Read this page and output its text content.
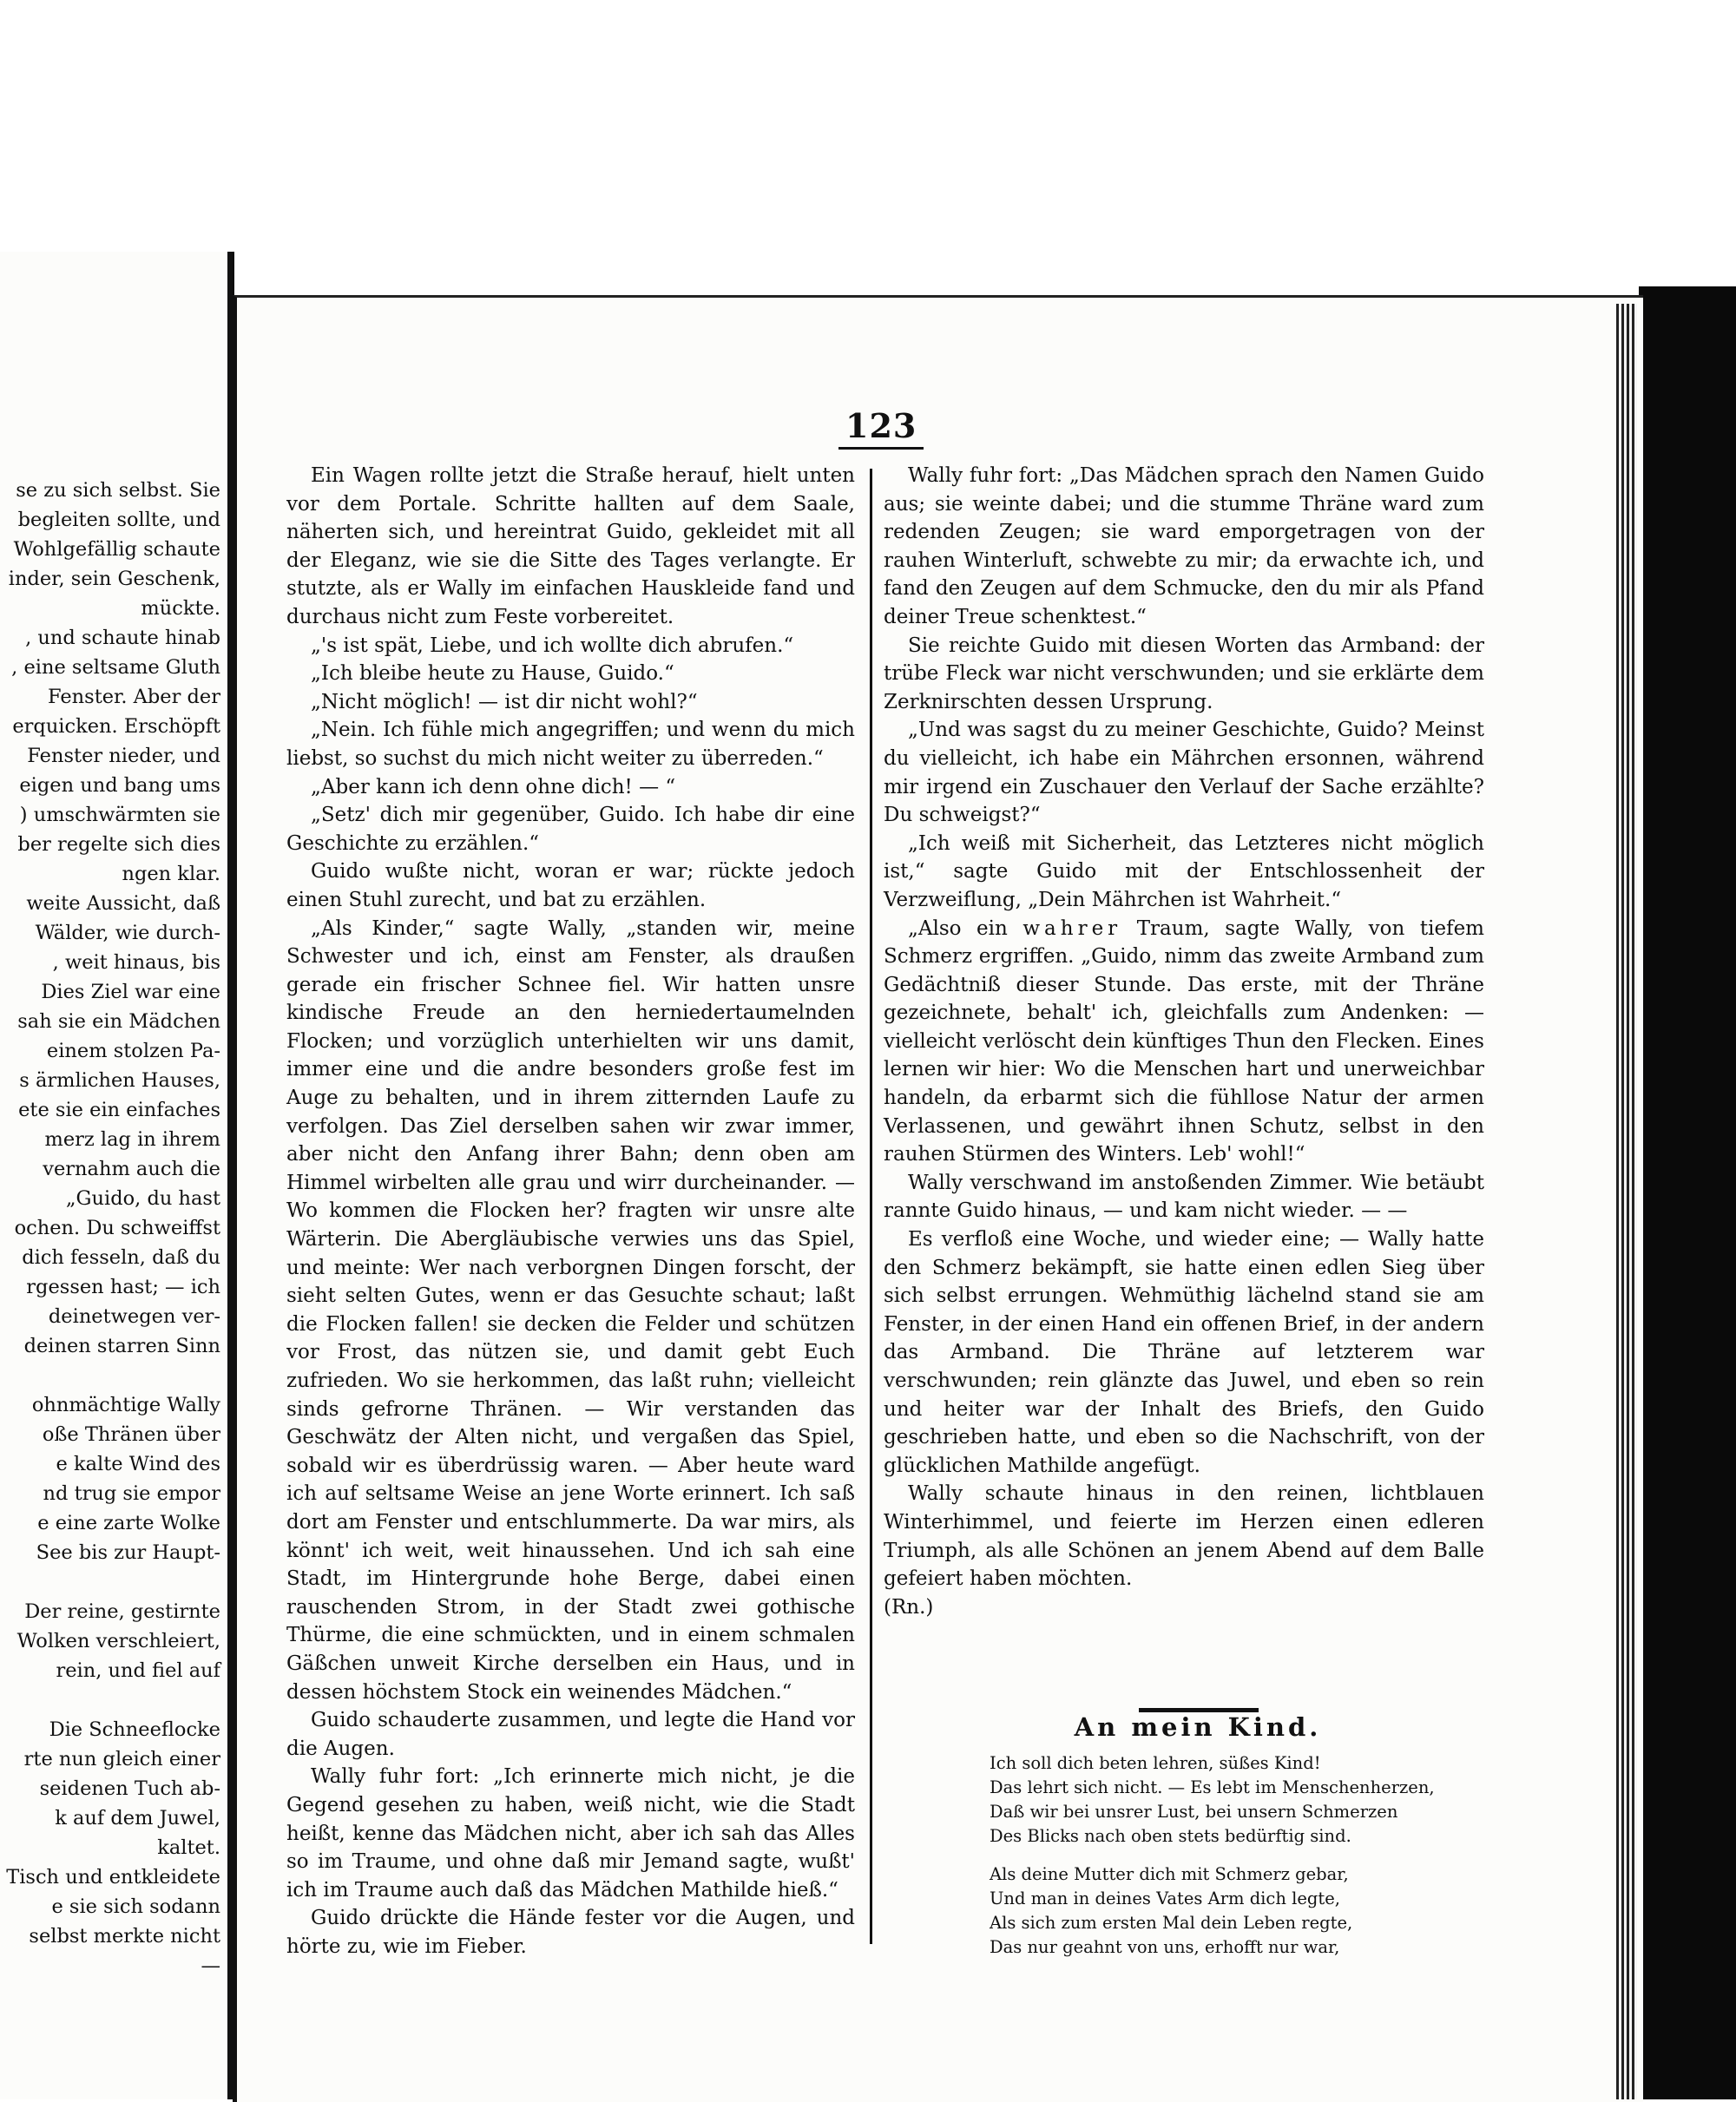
se zu sich selbst. Sie
begleiten sollte, und
Wohlgefällig schaute
inder, sein Geschenk,
mückte.
, und schaute hinab
, eine seltsame Gluth
Fenster. Aber der
erquicken. Erschöpft
Fenster nieder, und
eigen und bang ums
) umschwärmten sie
ber regelte sich dies
ngen klar.
weite Aussicht, daß
Wälder, wie durch-
, weit hinaus, bis
Dies Ziel war eine
sah sie ein Mädchen
einem stolzen Pa-
s ärmlichen Hauses,
ete sie ein einfaches
merz lag in ihrem
vernahm auch die
„Guido, du hast
ochen. Du schweiffst
dich fesseln, daß du
rgessen hast; — ich
deinetwegen ver-
deinen starren Sinn
ohnmächtige Wally
oße Thränen über
e kalte Wind des
nd trug sie empor
e eine zarte Wolke
See bis zur Haupt-
Der reine, gestirnte
Wolken verschleiert,
rein, und fiel auf
Die Schneeflocke
rte nun gleich einer
seidenen Tuch ab-
k auf dem Juwel,
kaltet.
Tisch und entkleidete
e sie sich sodann
selbst merkte nicht
—
123

Ein Wagen rollte jetzt die Straße herauf, hielt unten vor dem Portale. Schritte hallten auf dem Saale, näherten sich, und hereintrat Guido, gekleidet mit all der Eleganz, wie sie die Sitte des Tages verlangte. Er stutzte, als er Wally im einfachen Hauskleide fand und durchaus nicht zum Feste vorbereitet.

„'s ist spät, Liebe, und ich wollte dich abrufen.“

„Ich bleibe heute zu Hause, Guido.“

„Nicht möglich! — ist dir nicht wohl?“

„Nein. Ich fühle mich angegriffen; und wenn du mich liebst, so suchst du mich nicht weiter zu überreden.“

„Aber kann ich denn ohne dich! — “

„Setz' dich mir gegenüber, Guido. Ich habe dir eine Geschichte zu erzählen.“

Guido wußte nicht, woran er war; rückte jedoch einen Stuhl zurecht, und bat zu erzählen.

„Als Kinder,“ sagte Wally, „standen wir, meine Schwester und ich, einst am Fenster, als draußen gerade ein frischer Schnee fiel. Wir hatten unsre kindische Freude an den herniedertaumelnden Flocken; und vorzüglich unterhielten wir uns damit, immer eine und die andre besonders große fest im Auge zu behalten, und in ihrem zitternden Laufe zu verfolgen. Das Ziel derselben sahen wir zwar immer, aber nicht den Anfang ihrer Bahn; denn oben am Himmel wirbelten alle grau und wirr durcheinander. — Wo kommen die Flocken her? fragten wir unsre alte Wärterin. Die Abergläubische verwies uns das Spiel, und meinte: Wer nach verborgnen Dingen forscht, der sieht selten Gutes, wenn er das Gesuchte schaut; laßt die Flocken fallen! sie decken die Felder und schützen vor Frost, das nützen sie, und damit gebt Euch zufrieden. Wo sie herkommen, das laßt ruhn; vielleicht sinds gefrorne Thränen. — Wir verstanden das Geschwätz der Alten nicht, und vergaßen das Spiel, sobald wir es überdrüssig waren. — Aber heute ward ich auf seltsame Weise an jene Worte erinnert. Ich saß dort am Fenster und entschlummerte. Da war mirs, als könnt' ich weit, weit hinaussehen. Und ich sah eine Stadt, im Hintergrunde hohe Berge, dabei einen rauschenden Strom, in der Stadt zwei gothische Thürme, die eine schmückten, und in einem schmalen Gäßchen unweit Kirche derselben ein Haus, und in dessen höchstem Stock ein weinendes Mädchen.“

Guido schauderte zusammen, und legte die Hand vor die Augen.

Wally fuhr fort: „Ich erinnerte mich nicht, je die Gegend gesehen zu haben, weiß nicht, wie die Stadt heißt, kenne das Mädchen nicht, aber ich sah das Alles so im Traume, und ohne daß mir Jemand sagte, wußt' ich im Traume auch daß das Mädchen Mathilde hieß.“

Guido drückte die Hände fester vor die Augen, und hörte zu, wie im Fieber.

Wally fuhr fort: „Das Mädchen sprach den Namen Guido aus; sie weinte dabei; und die stumme Thräne ward zum redenden Zeugen; sie ward emporgetragen von der rauhen Winterluft, schwebte zu mir; da erwachte ich, und fand den Zeugen auf dem Schmucke, den du mir als Pfand deiner Treue schenktest.“

Sie reichte Guido mit diesen Worten das Armband: der trübe Fleck war nicht verschwunden; und sie erklärte dem Zerknirschten dessen Ursprung.

„Und was sagst du zu meiner Geschichte, Guido? Meinst du vielleicht, ich habe ein Mährchen ersonnen, während mir irgend ein Zuschauer den Verlauf der Sache erzählte? Du schweigst?“

„Ich weiß mit Sicherheit, das Letzteres nicht möglich ist,“ sagte Guido mit der Entschlossenheit der Verzweiflung, „Dein Mährchen ist Wahrheit.“

„Also ein wahrer Traum, sagte Wally, von tiefem Schmerz ergriffen. „Guido, nimm das zweite Armband zum Gedächtniß dieser Stunde. Das erste, mit der Thräne gezeichnete, behalt' ich, gleichfalls zum Andenken: — vielleicht verlöscht dein künftiges Thun den Flecken. Eines lernen wir hier: Wo die Menschen hart und unerweichbar handeln, da erbarmt sich die fühllose Natur der armen Verlassenen, und gewährt ihnen Schutz, selbst in den rauhen Stürmen des Winters. Leb' wohl!“

Wally verschwand im anstoßenden Zimmer. Wie betäubt rannte Guido hinaus, — und kam nicht wieder. — —

Es verfloß eine Woche, und wieder eine; — Wally hatte den Schmerz bekämpft, sie hatte einen edlen Sieg über sich selbst errungen. Wehmüthig lächelnd stand sie am Fenster, in der einen Hand ein offenen Brief, in der andern das Armband. Die Thräne auf letzterem war verschwunden; rein glänzte das Juwel, und eben so rein und heiter war der Inhalt des Briefs, den Guido geschrieben hatte, und eben so die Nachschrift, von der glücklichen Mathilde angefügt.

Wally schaute hinaus in den reinen, lichtblauen Winterhimmel, und feierte im Herzen einen edleren Triumph, als alle Schönen an jenem Abend auf dem Balle gefeiert haben möchten.

(Rn.)

An mein Kind.
Ich soll dich beten lehren, süßes Kind!
Das lehrt sich nicht. — Es lebt im Menschenherzen,
Daß wir bei unsrer Lust, bei unsern Schmerzen
Des Blicks nach oben stets bedürftig sind.
Als deine Mutter dich mit Schmerz gebar,
Und man in deines Vates Arm dich legte,
Als sich zum ersten Mal dein Leben regte,
Das nur geahnt von uns, erhofft nur war,
